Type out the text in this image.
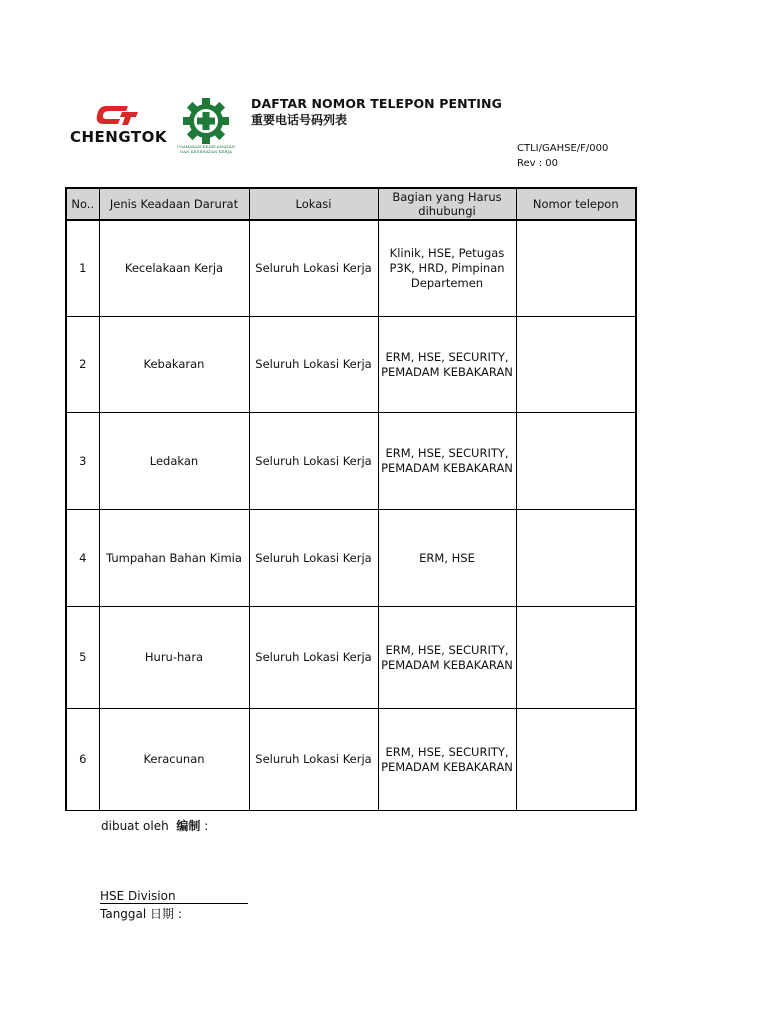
CHENGTOK
USAHAKAN KESELAMATAN DAN KESEHATAN KERJA
DAFTAR NOMOR TELEPON PENTING
重要电话号码列表
CTLI/GAHSE/F/000
Rev : 00
No..	Jenis Keadaan Darurat	Lokasi	Bagian yang Harus dihubungi	Nomor telepon
1	Kecelakaan Kerja	Seluruh Lokasi Kerja	Klinik, HSE, Petugas P3K, HRD, Pimpinan Departemen	
2	Kebakaran	Seluruh Lokasi Kerja	ERM, HSE, SECURITY, PEMADAM KEBAKARAN	
3	Ledakan	Seluruh Lokasi Kerja	ERM, HSE, SECURITY, PEMADAM KEBAKARAN	
4	Tumpahan Bahan Kimia	Seluruh Lokasi Kerja	ERM, HSE	
5	Huru-hara	Seluruh Lokasi Kerja	ERM, HSE, SECURITY, PEMADAM KEBAKARAN	
6	Keracunan	Seluruh Lokasi Kerja	ERM, HSE, SECURITY, PEMADAM KEBAKARAN	
dibuat oleh 编制 :
HSE Division
Tanggal 日期 :
